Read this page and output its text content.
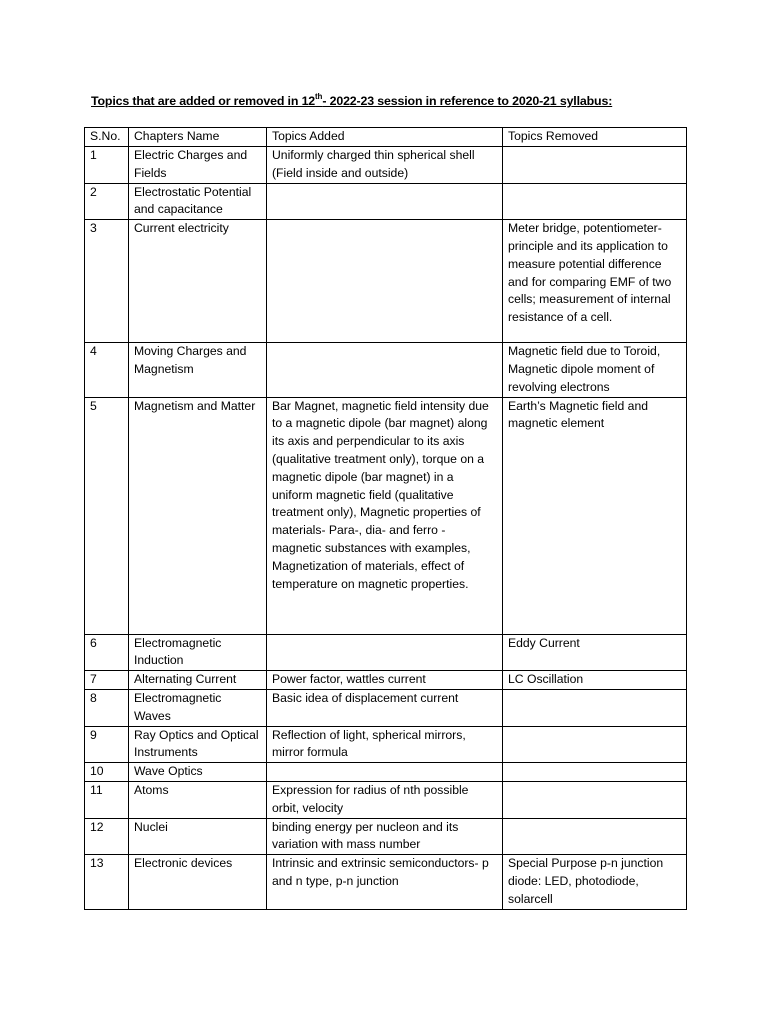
Topics that are added or removed in 12th- 2022-23 session in reference to 2020-21 syllabus:
S.No.	Chapters Name	Topics Added	Topics Removed
1	Electric Charges and Fields	Uniformly charged thin spherical shell (Field inside and outside)	
2	Electrostatic Potential and capacitance		
3	Current electricity		Meter bridge, potentiometer-principle and its application to measure potential difference and for comparing EMF of two cells; measurement of internal resistance of a cell.
4	Moving Charges and Magnetism		Magnetic field due to Toroid, Magnetic dipole moment of revolving electrons
5	Magnetism and Matter	Bar Magnet, magnetic field intensity due to a magnetic dipole (bar magnet) along its axis and perpendicular to its axis (qualitative treatment only), torque on a magnetic dipole (bar magnet) in a uniform magnetic field (qualitative treatment only), Magnetic properties of materials- Para-, dia- and ferro - magnetic substances with examples, Magnetization of materials, effect of temperature on magnetic properties.	Earth’s Magnetic field and magnetic element
6	Electromagnetic Induction		Eddy Current
7	Alternating Current	Power factor, wattles current	LC Oscillation
8	Electromagnetic Waves	Basic idea of displacement current	
9	Ray Optics and Optical Instruments	Reflection of light, spherical mirrors, mirror formula	
10	Wave Optics		
11	Atoms	Expression for radius of nth possible orbit, velocity	
12	Nuclei	binding energy per nucleon and its variation with mass number	
13	Electronic devices	Intrinsic and extrinsic semiconductors- p and n type, p-n junction	Special Purpose p-n junction diode: LED, photodiode, solarcell
